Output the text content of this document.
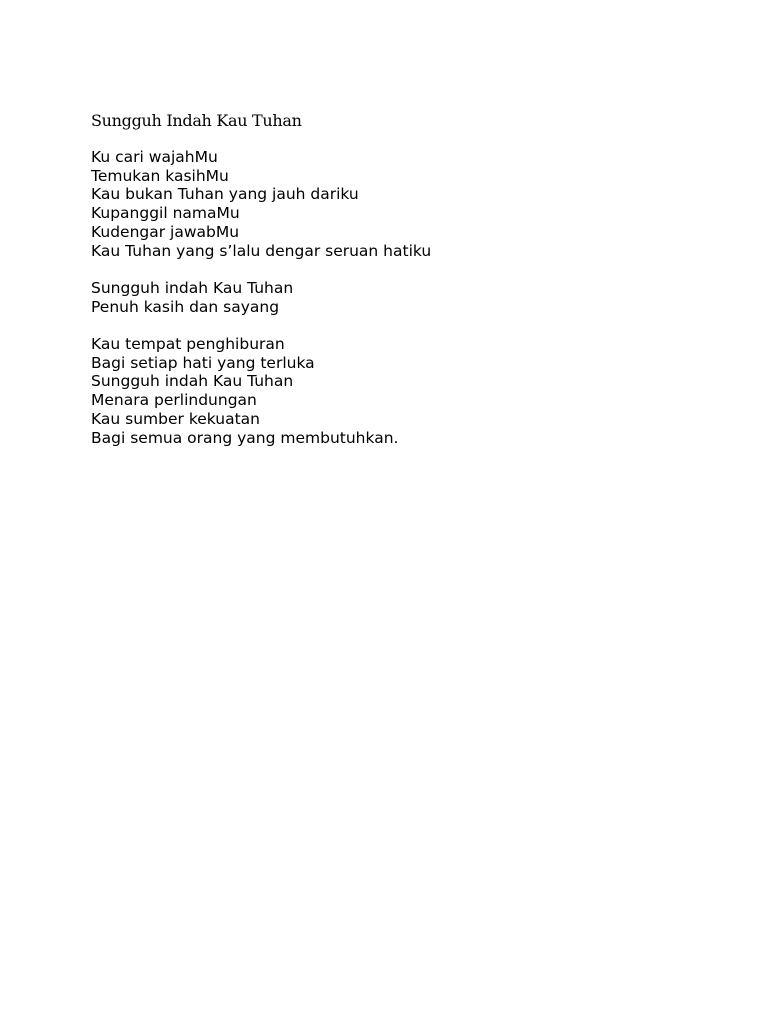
Sungguh Indah Kau Tuhan
Ku cari wajahMu
Temukan kasihMu
Kau bukan Tuhan yang jauh dariku
Kupanggil namaMu
Kudengar jawabMu
Kau Tuhan yang s’lalu dengar seruan hatiku
Sungguh indah Kau Tuhan
Penuh kasih dan sayang
Kau tempat penghiburan
Bagi setiap hati yang terluka
Sungguh indah Kau Tuhan
Menara perlindungan
Kau sumber kekuatan
Bagi semua orang yang membutuhkan.
